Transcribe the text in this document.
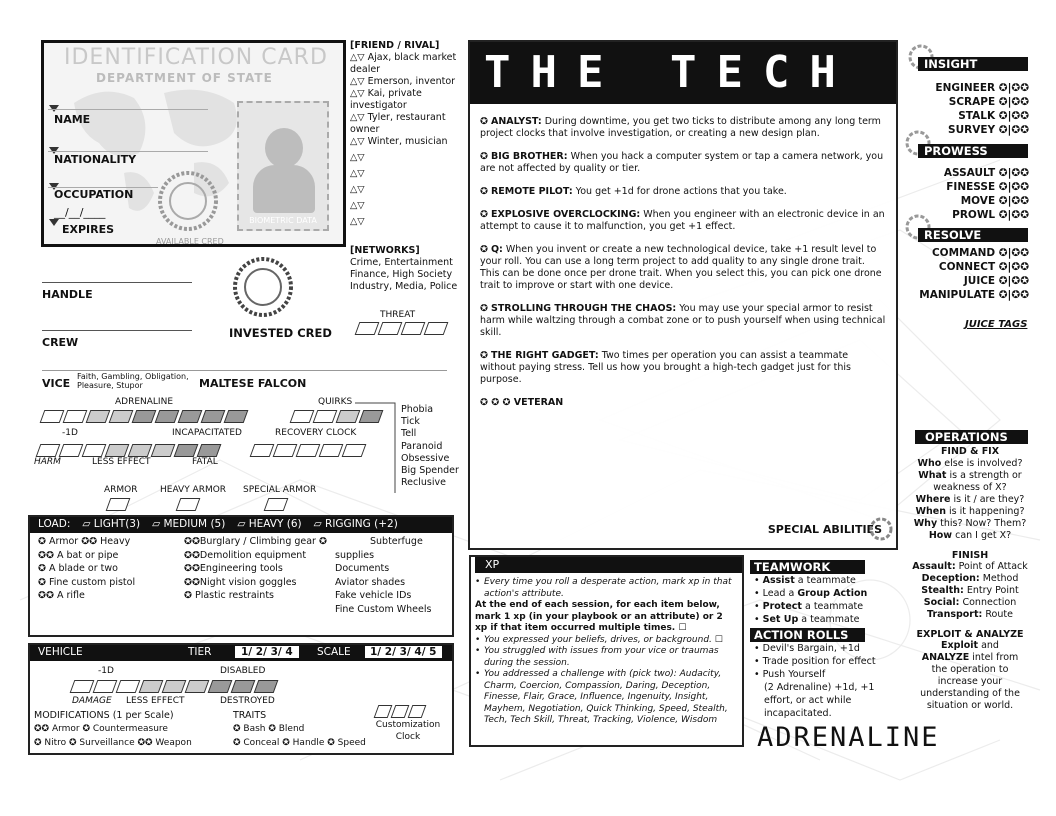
IDENTIFICATION CARD
DEPARTMENT OF STATE
NAME
NATIONALITY
OCCUPATION
__/__/____
EXPIRES
AVAILABLE CRED
BIOMETRIC DATA
[FRIEND / RIVAL]
△▽ Ajax, black market dealer
△▽ Emerson, inventor
△▽ Kai, private investigator
△▽ Tyler, restaurant owner
△▽ Winter, musician
△▽
△▽
△▽
△▽
△▽
[NETWORKS]
Crime, Entertainment Finance, High Society Industry, Media, Police
HANDLE
CREW
INVESTED CRED
THREAT
VICE
Faith, Gambling, Obligation, Pleasure, Stupor	MALTESE FALCON
ADRENALINE	QUIRKS
Phobia
Tick
Tell
Paranoid
Obsessive
Big Spender
Reclusive
-1D	INCAPACITATED	RECOVERY CLOCK
HARM	LESS EFFECT	FATAL
ARMOR HEAVY ARMOR SPECIAL ARMOR
LOAD: ▱ LIGHT(3) ▱ MEDIUM (5) ▱ HEAVY (6) ▱ RIGGING (+2)
✪ Armor ✪✪ Heavy
✪✪ A bat or pipe
✪ A blade or two
✪ Fine custom pistol
✪✪ A rifle
✪✪Burglary / Climbing gear ✪
✪✪Demolition equipment
✪✪Engineering tools
✪✪Night vision goggles
✪ Plastic restraints
Subterfuge
supplies
Documents
Aviator shades
Fake vehicle IDs
Fine Custom Wheels
VEHICLE	TIER	1/ 2/ 3/ 4	SCALE	1/ 2/ 3/ 4/ 5
-1D	DISABLED
DAMAGE LESS EFFECT	DESTROYED
MODIFICATIONS (1 per Scale)
✪✪ Armor ✪ Countermeasure
✪ Nitro ✪ Surveillance ✪✪ Weapon
TRAITS
✪ Bash ✪ Blend
✪ Conceal ✪ Handle ✪ Speed
Customization Clock
THE TECH
✪ ANALYST: During downtime, you get two ticks to distribute among any long term project clocks that involve investigation, or creating a new design plan.
✪ BIG BROTHER: When you hack a computer system or tap a camera network, you are not affected by quality or tier.
✪ REMOTE PILOT: You get +1d for drone actions that you take.
✪ EXPLOSIVE OVERCLOCKING: When you engineer with an electronic device in an attempt to cause it to malfunction, you get +1 effect.
✪ Q: When you invent or create a new technological device, take +1 result level to your roll. You can use a long term project to add quality to any single drone trait. This can be done once per drone trait. When you select this, you can pick one drone trait to improve or start with one device.
✪ STROLLING THROUGH THE CHAOS: You may use your special armor to resist harm while waltzing through a combat zone or to push yourself when using technical skill.
✪ THE RIGHT GADGET: Two times per operation you can assist a teammate without paying stress. Tell us how you brought a high-tech gadget just for this purpose.
✪ ✪ ✪ VETERAN
SPECIAL ABILITIES
INSIGHT
ENGINEER ✪|✪✪
SCRAPE ✪|✪✪
STALK ✪|✪✪
SURVEY ✪|✪✪
PROWESS
ASSAULT ✪|✪✪
FINESSE ✪|✪✪
MOVE ✪|✪✪
PROWL ✪|✪✪
RESOLVE
COMMAND ✪|✪✪
CONNECT ✪|✪✪
JUICE ✪|✪✪
MANIPULATE ✪|✪✪
JUICE TAGS
OPERATIONS
FIND & FIX
Who else is involved?
What is a strength or weakness of X?
Where is it / are they?
When is it happening?
Why this? Now? Them?
How can I get X?
FINISH
Assault: Point of Attack
Deception: Method
Stealth: Entry Point
Social: Connection
Transport: Route
EXPLOIT & ANALYZE
Exploit and ANALYZE intel from the operation to increase your understanding of the situation or world.
XP
• Every time you roll a desperate action, mark xp in that action's attribute.
At the end of each session, for each item below, mark 1 xp (in your playbook or an attribute) or 2 xp if that item occurred multiple times. ☐
• You expressed your beliefs, drives, or background. ☐
• You struggled with issues from your vice or traumas during the session.
• You addressed a challenge with (pick two): Audacity, Charm, Coercion, Compassion, Daring, Deception, Finesse, Flair, Grace, Influence, Ingenuity, Insight, Mayhem, Negotiation, Quick Thinking, Speed, Stealth, Tech, Tech Skill, Threat, Tracking, Violence, Wisdom
TEAMWORK
• Assist a teammate
• Lead a Group Action
• Protect a teammate
• Set Up a teammate
ACTION ROLLS
• Devil's Bargain, +1d
• Trade position for effect
• Push Yourself
(2 Adrenaline) +1d, +1 effort, or act while incapacitated.
ADRENALINE
